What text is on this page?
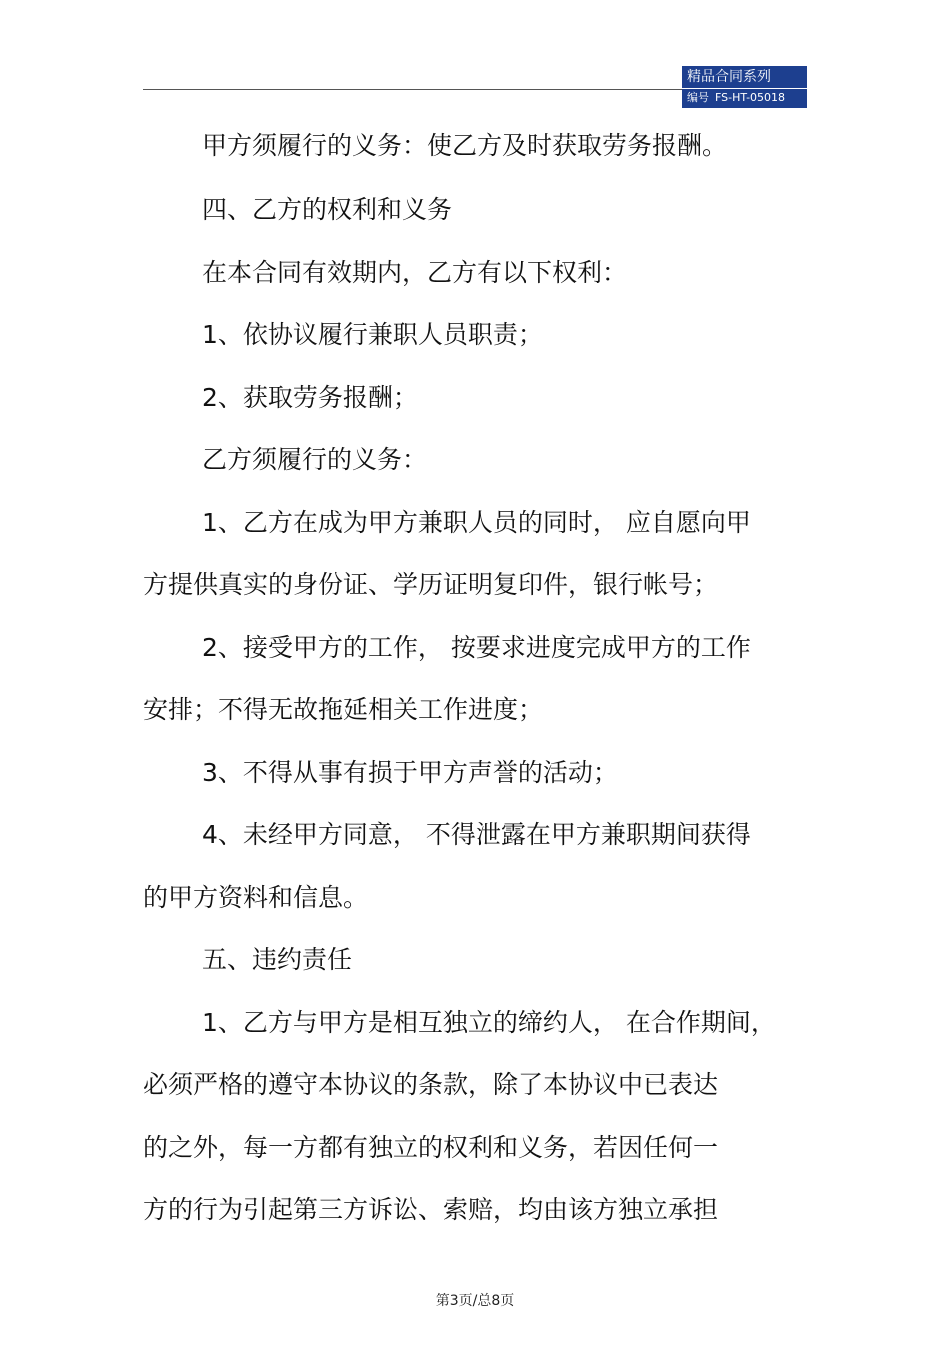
精品合同系列
编号 FS-HT-05018

甲方须履行的义务：使乙方及时获取劳务报酬。

四、乙方的权利和义务

在本合同有效期内，乙方有以下权利：

1、依协议履行兼职人员职责；

2、获取劳务报酬；

乙方须履行的义务：

1、乙方在成为甲方兼职人员的同时， 应自愿向甲

方提供真实的身份证、学历证明复印件，银行帐号；

2、接受甲方的工作， 按要求进度完成甲方的工作

安排；不得无故拖延相关工作进度；

3、不得从事有损于甲方声誉的活动；

4、未经甲方同意， 不得泄露在甲方兼职期间获得

的甲方资料和信息。

五、违约责任

1、乙方与甲方是相互独立的缔约人， 在合作期间，

必须严格的遵守本协议的条款，除了本协议中已表达

的之外，每一方都有独立的权利和义务，若因任何一

方的行为引起第三方诉讼、索赔，均由该方独立承担

第3页/总8页
